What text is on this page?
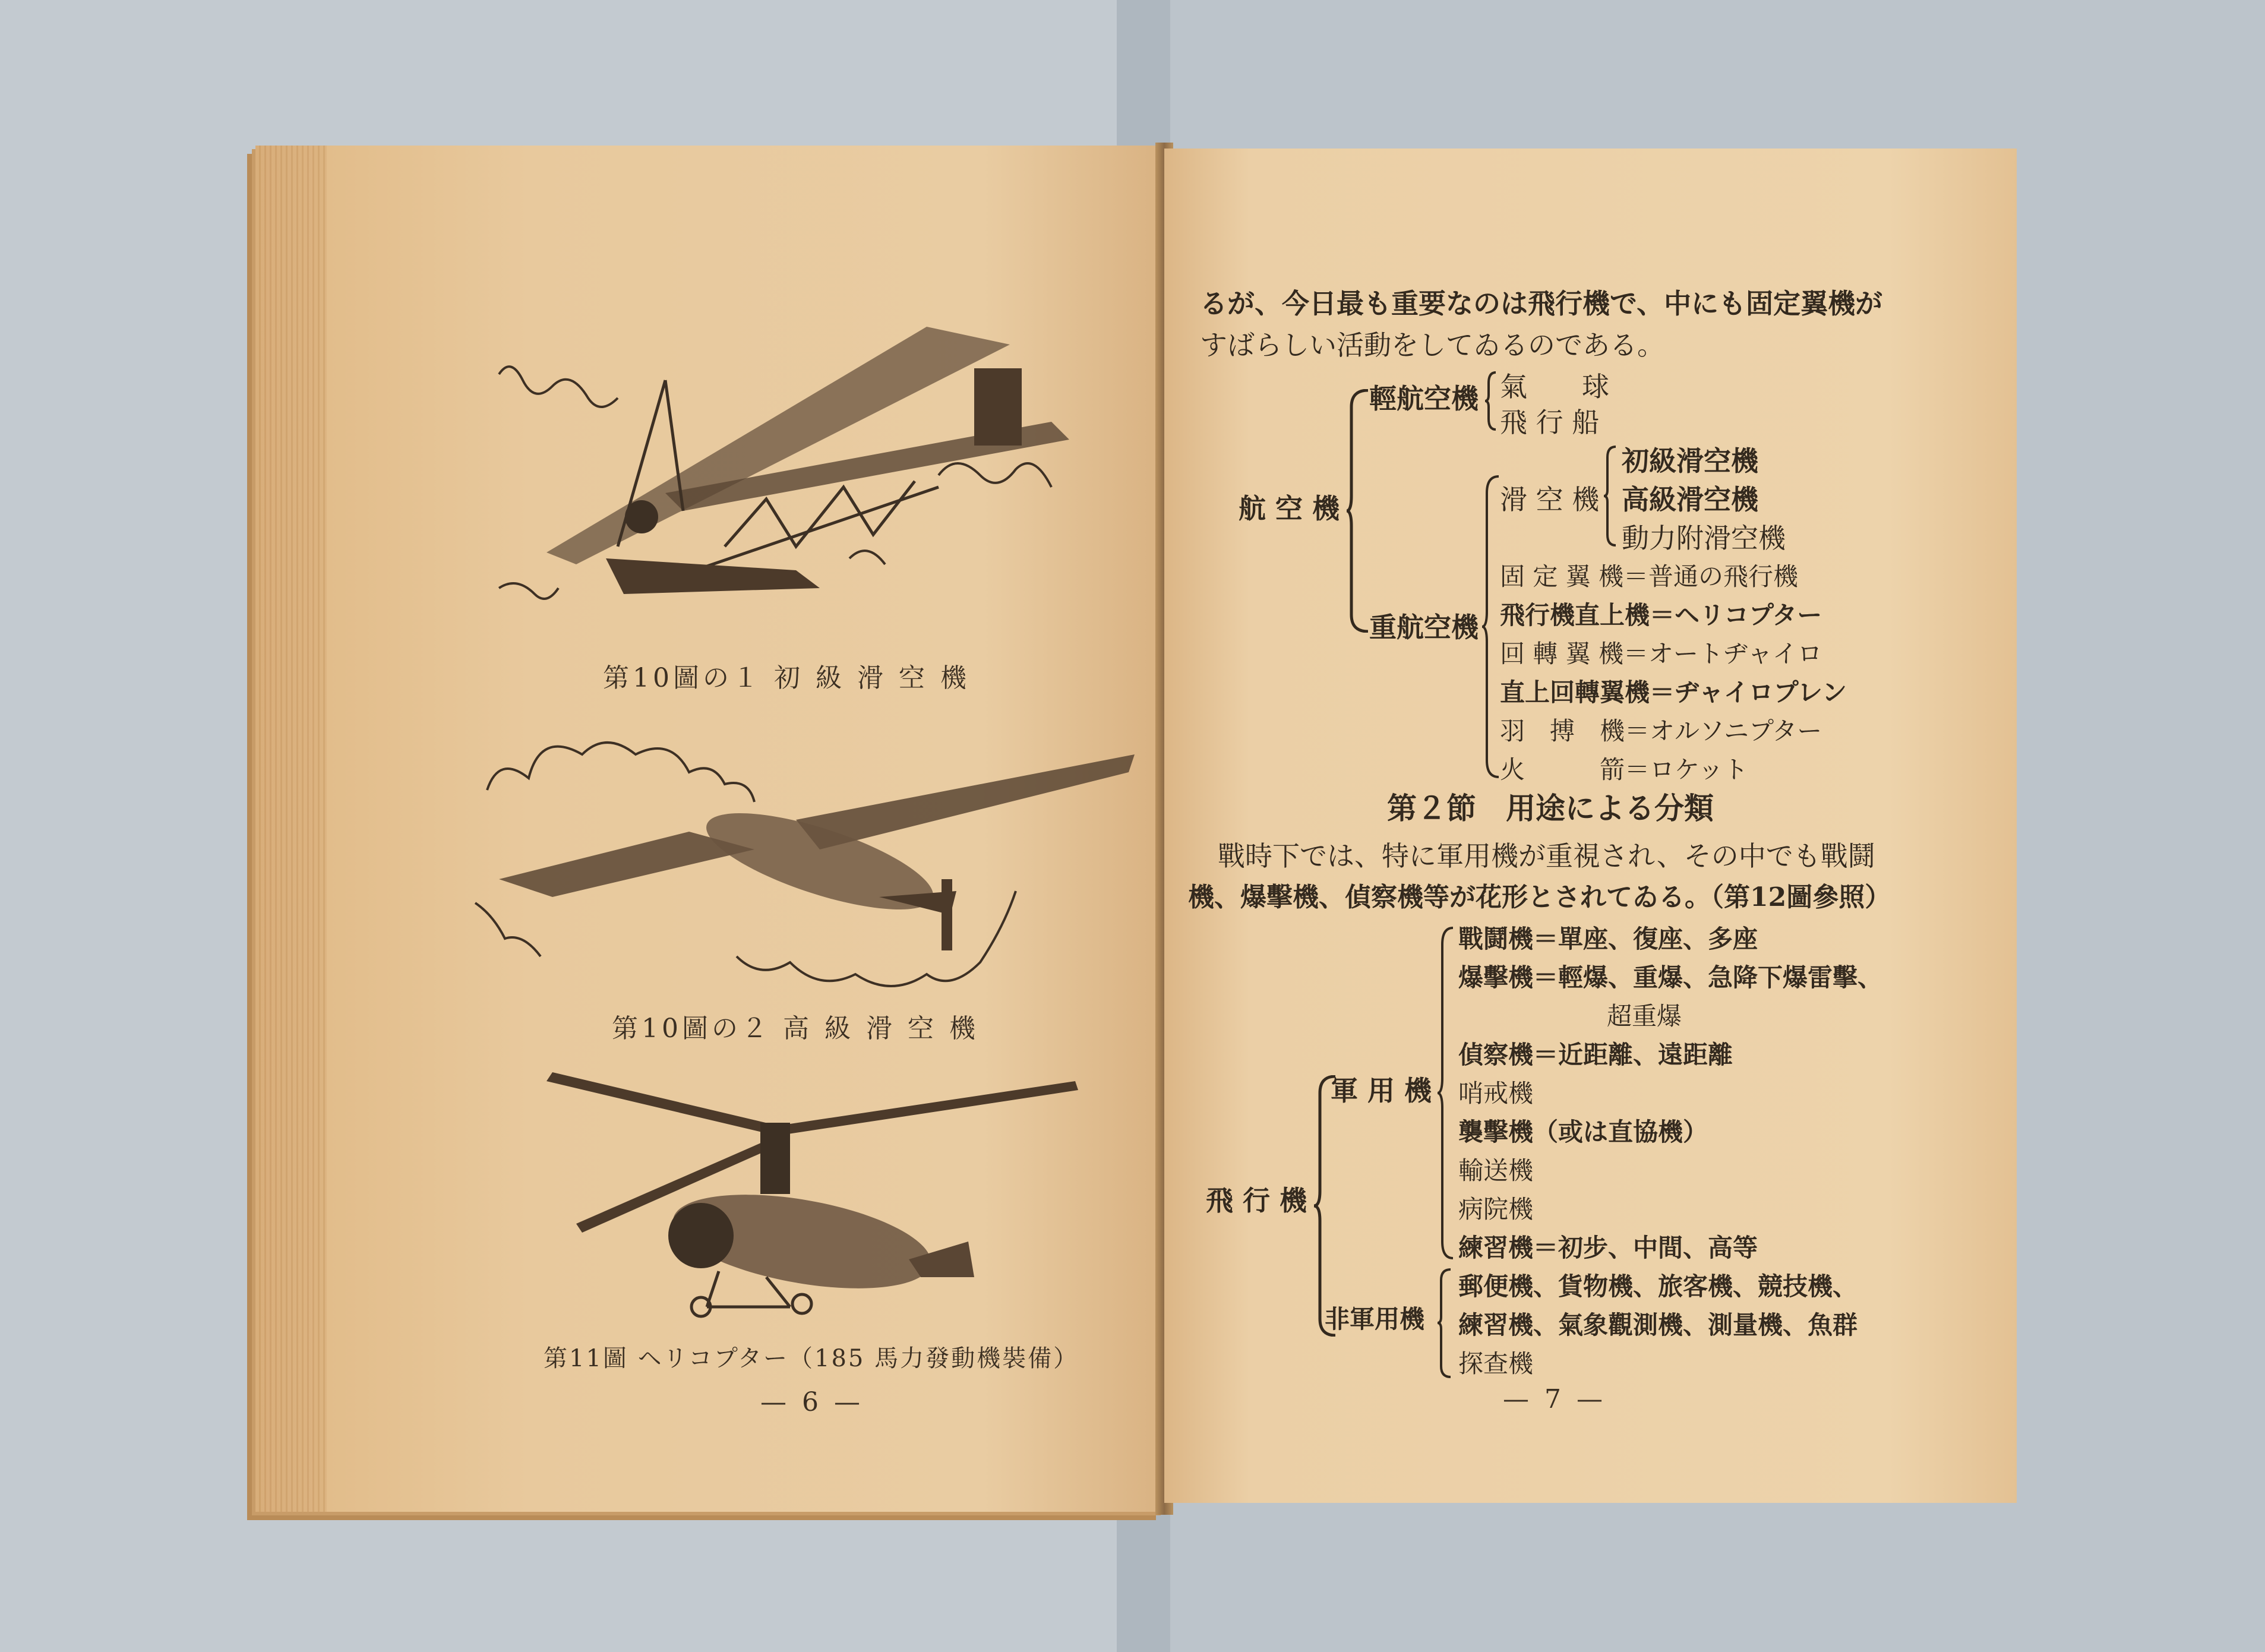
第10圖の１ 初 級 滑 空 機
第10圖の２ 高 級 滑 空 機
第11圖 ヘリコプター（185 馬力發動機裝備）
— 6 —
るが、今日最も重要なのは飛行機で、中にも固定翼機が
すばらしい活動をしてゐるのである。
航 空 機
輕航空機 氣　　球
飛 行 船
重航空機
滑 空 機
初級滑空機
高級滑空機
動力附滑空機
固 定 翼 機＝普通の飛行機
飛行機直上機＝ヘリコプター
回 轉 翼 機＝オートヂャイロ
直上回轉翼機＝ヂャイロプレン
羽　搏　機＝オルソニプター
火　　　箭＝ロケット
第２節　用途による分類
戰時下では、特に軍用機が重視され、その中でも戰鬪
機、爆擊機、偵察機等が花形とされてゐる。（第12圖參照）
飛 行 機
軍 用 機
戰鬪機＝單座、復座、多座
爆擊機＝輕爆、重爆、急降下爆雷擊、
超重爆
偵察機＝近距離、遠距離
哨戒機
襲擊機（或は直協機）
輸送機
病院機
練習機＝初步、中間、高等
非軍用機
郵便機、貨物機、旅客機、競技機、
練習機、氣象觀測機、測量機、魚群
探查機
— 7 —
